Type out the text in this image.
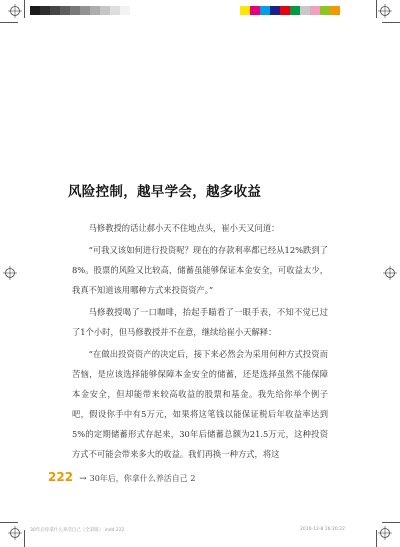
风险控制，越早学会，越多收益

马修教授的话让郝小天不住地点头，崔小天又问道：

“可我又该如何进行投资呢？现在的存款利率都已经从12%跌到了8%。股票的风险又比较高，储蓄虽能够保证本金安全，可收益太少，我真不知道该用哪种方式来投资资产。”

马修教授喝了一口咖啡，抬起手瞄看了一眼手表，不知不觉已过了1个小时，但马修教授并不在意，继续给崔小天解释：

“在做出投资资产的决定后，接下来必然会为采用何种方式投资而苦恼，是应该选择能够保障本金安全的储蓄，还是选择虽然不能保障本金安全，但却能带来较高收益的股票和基金。我先给你举个例子吧，假设你手中有5万元，如果将这笔钱以能保证税后年收益率达到5%的定期储蓄形式存起来，30年后储蓄总额为21.5万元，这种投资方式不可能会带来多大的收益。我们再换一种方式，将这

222 → 30年后，你拿什么养活自己 2
30年后你拿什么养活自己（全彩版）.indd 222	2010-12-8 16:20:22
